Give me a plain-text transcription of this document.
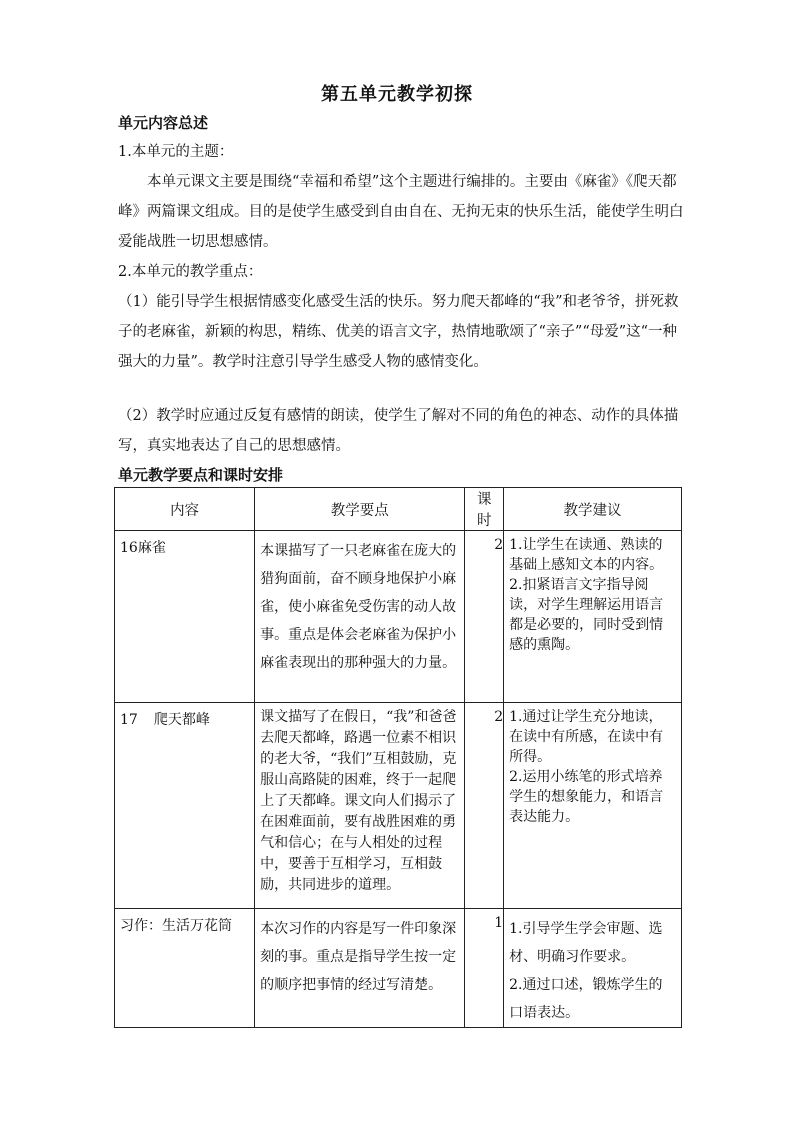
第五单元教学初探
单元内容总述
1.本单元的主题：
本单元课文主要是围绕“幸福和希望”这个主题进行编排的。主要由《麻雀》《爬天都峰》两篇课文组成。目的是使学生感受到自由自在、无拘无束的快乐生活，能使学生明白爱能战胜一切思想感情。
2.本单元的教学重点：
（1）能引导学生根据情感变化感受生活的快乐。努力爬天都峰的“我”和老爷爷，拼死救子的老麻雀，新颖的构思，精练、优美的语言文字，热情地歌颂了“亲子”“母爱”这“一种强大的力量”。教学时注意引导学生感受人物的感情变化。
（2）教学时应通过反复有感情的朗读，使学生了解对不同的角色的神态、动作的具体描写，真实地表达了自己的思想感情。
单元教学要点和课时安排
内容	教学要点	课时	教学建议
16麻雀	本课描写了一只老麻雀在庞大的猎狗面前，奋不顾身地保护小麻雀，使小麻雀免受伤害的动人故事。重点是体会老麻雀为保护小麻雀表现出的那种强大的力量。	2	1.让学生在读通、熟读的基础上感知文本的内容。

2.扣紧语言文字指导阅读，对学生理解运用语言都是必要的，同时受到情感的熏陶。

17 爬天都峰	课文描写了在假日，“我”和爸爸去爬天都峰，路遇一位素不相识的老大爷，“我们”互相鼓励，克服山高路陡的困难，终于一起爬上了天都峰。课文向人们揭示了在困难面前，要有战胜困难的勇气和信心；在与人相处的过程中，要善于互相学习，互相鼓励，共同进步的道理。	2	1.通过让学生充分地读，在读中有所感，在读中有所得。

2.运用小练笔的形式培养学生的想象能力，和语言表达能力。

习作：生活万花筒	本次习作的内容是写一件印象深刻的事。重点是指导学生按一定的顺序把事情的经过写清楚。	1	1.引导学生学会审题、选材、明确习作要求。

2.通过口述，锻炼学生的口语表达。
